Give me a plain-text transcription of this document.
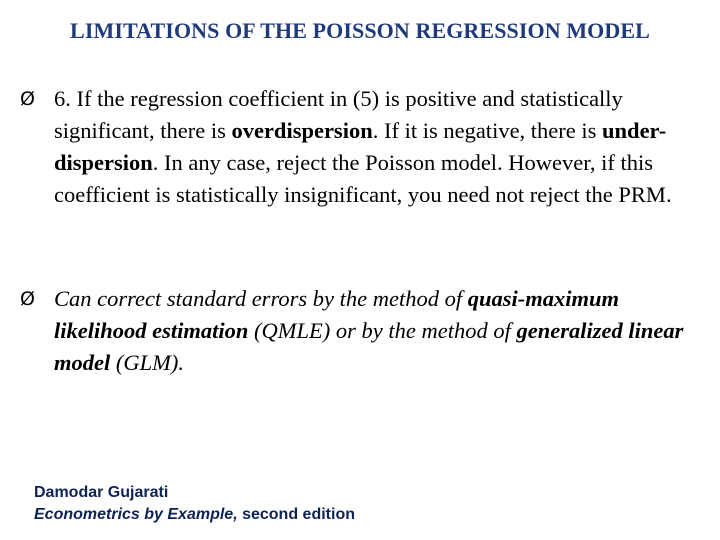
LIMITATIONS OF THE POISSON REGRESSION MODEL
Ø 6. If the regression coefficient in (5) is positive and statistically significant, there is overdispersion. If it is negative, there is under-dispersion. In any case, reject the Poisson model. However, if this coefficient is statistically insignificant, you need not reject the PRM.
Ø Can correct standard errors by the method of quasi-maximum likelihood estimation (QMLE) or by the method of generalized linear model (GLM).
Damodar Gujarati
Econometrics by Example, second edition
